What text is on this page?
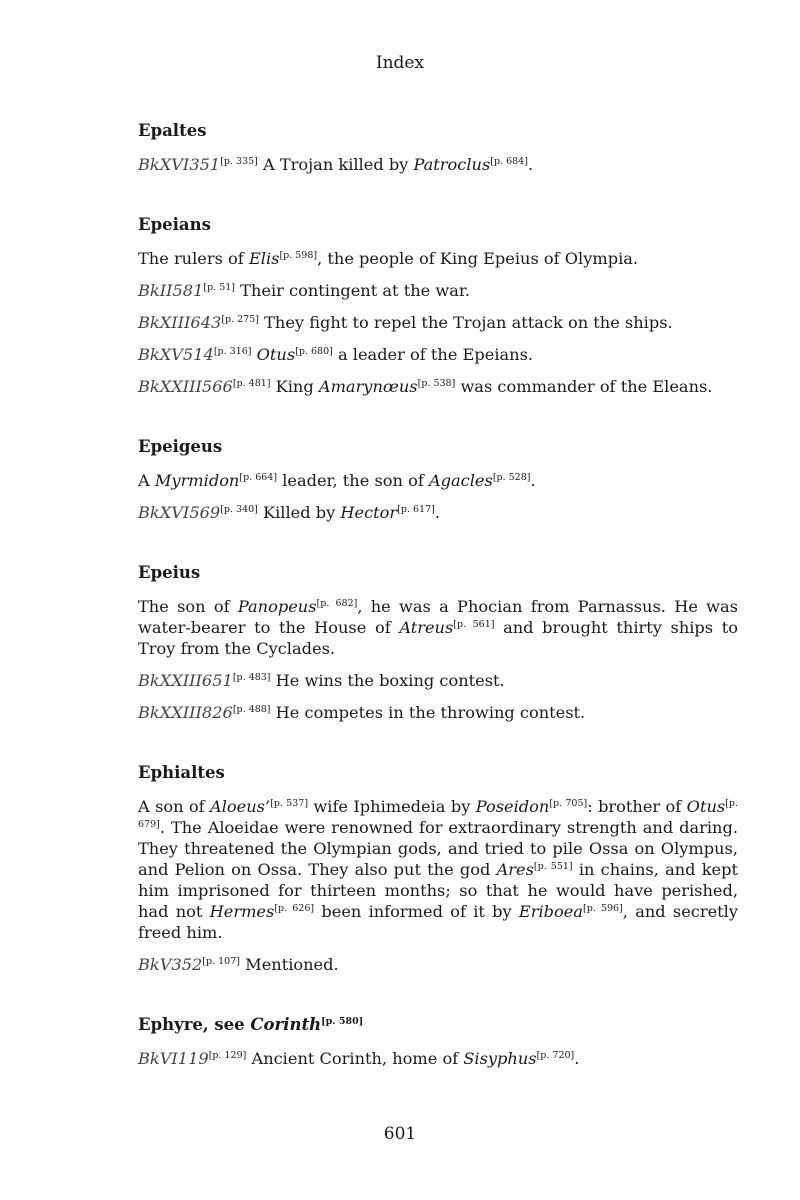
Index
Epaltes

BkXVI351[p. 335] A Trojan killed by Patroclus[p. 684].

Epeians

The rulers of Elis[p. 598], the people of King Epeius of Olympia.

BkII581[p. 51] Their contingent at the war.

BkXIII643[p. 275] They fight to repel the Trojan attack on the ships.

BkXV514[p. 316] Otus[p. 680] a leader of the Epeians.

BkXXIII566[p. 481] King Amarynœus[p. 538] was commander of the Eleans.

Epeigeus

A Myrmidon[p. 664] leader, the son of Agacles[p. 528].

BkXVI569[p. 340] Killed by Hector[p. 617].

Epeius

The son of Panopeus[p. 682], he was a Phocian from Parnassus. He was water-bearer to the House of Atreus[p. 561] and brought thirty ships to Troy from the Cyclades.

BkXXIII651[p. 483] He wins the boxing contest.

BkXXIII826[p. 488] He competes in the throwing contest.

Ephialtes

A son of Aloeus’[p. 537] wife Iphimedeia by Poseidon[p. 705]: brother of Otus[p. 679]. The Aloeidae were renowned for extraordinary strength and daring. They threatened the Olympian gods, and tried to pile Ossa on Olympus, and Pelion on Ossa. They also put the god Ares[p. 551] in chains, and kept him imprisoned for thirteen months; so that he would have perished, had not Hermes[p. 626] been informed of it by Eriboea[p. 596], and secretly freed him.

BkV352[p. 107] Mentioned.

Ephyre, see Corinth[p. 580]

BkVI119[p. 129] Ancient Corinth, home of Sisyphus[p. 720].

601
